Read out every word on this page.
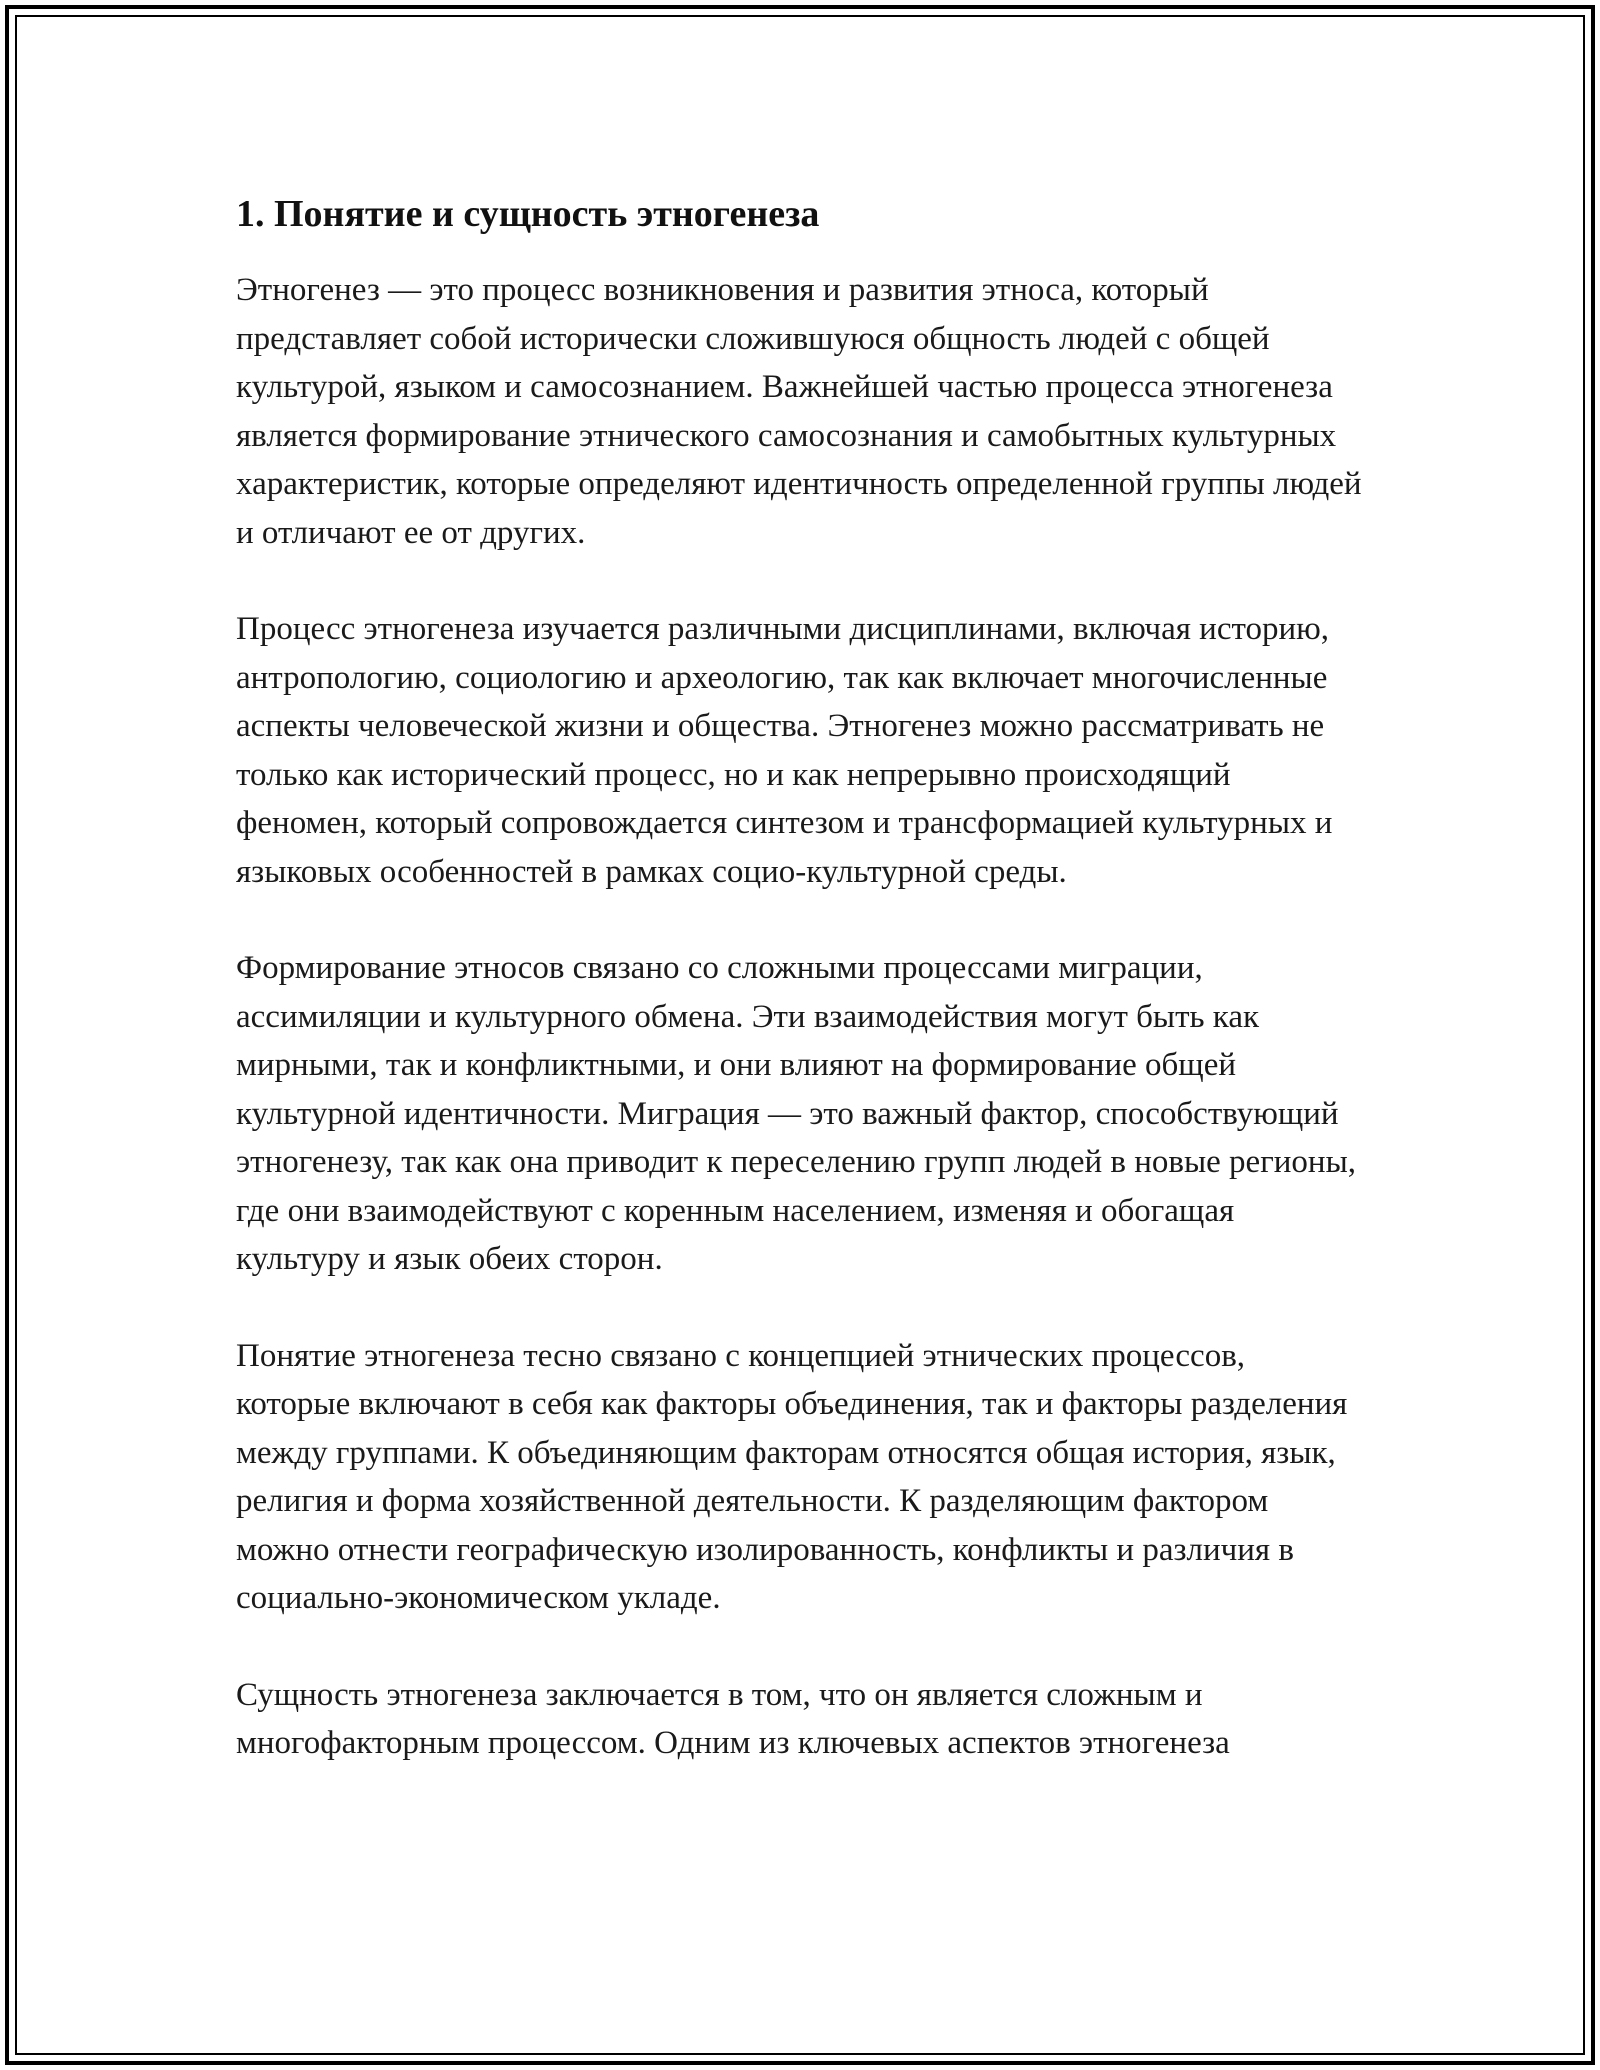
1. Понятие и сущность этногенеза

Этногенез — это процесс возникновения и развития этноса, который представляет собой исторически сложившуюся общность людей с общей культурой, языком и самосознанием. Важнейшей частью процесса этногенеза является формирование этнического самосознания и самобытных культурных характеристик, которые определяют идентичность определенной группы людей и отличают ее от других.

Процесс этногенеза изучается различными дисциплинами, включая историю, антропологию, социологию и археологию, так как включает многочисленные аспекты человеческой жизни и общества. Этногенез можно рассматривать не только как исторический процесс, но и как непрерывно происходящий феномен, который сопровождается синтезом и трансформацией культурных и языковых особенностей в рамках социо-культурной среды.

Формирование этносов связано со сложными процессами миграции, ассимиляции и культурного обмена. Эти взаимодействия могут быть как мирными, так и конфликтными, и они влияют на формирование общей культурной идентичности. Миграция — это важный фактор, способствующий этногенезу, так как она приводит к переселению групп людей в новые регионы, где они взаимодействуют с коренным населением, изменяя и обогащая культуру и язык обеих сторон.

Понятие этногенеза тесно связано с концепцией этнических процессов, которые включают в себя как факторы объединения, так и факторы разделения между группами. К объединяющим факторам относятся общая история, язык, религия и форма хозяйственной деятельности. К разделяющим фактором можно отнести географическую изолированность, конфликты и различия в социально-экономическом укладе.

Сущность этногенеза заключается в том, что он является сложным и многофакторным процессом. Одним из ключевых аспектов этногенеза
